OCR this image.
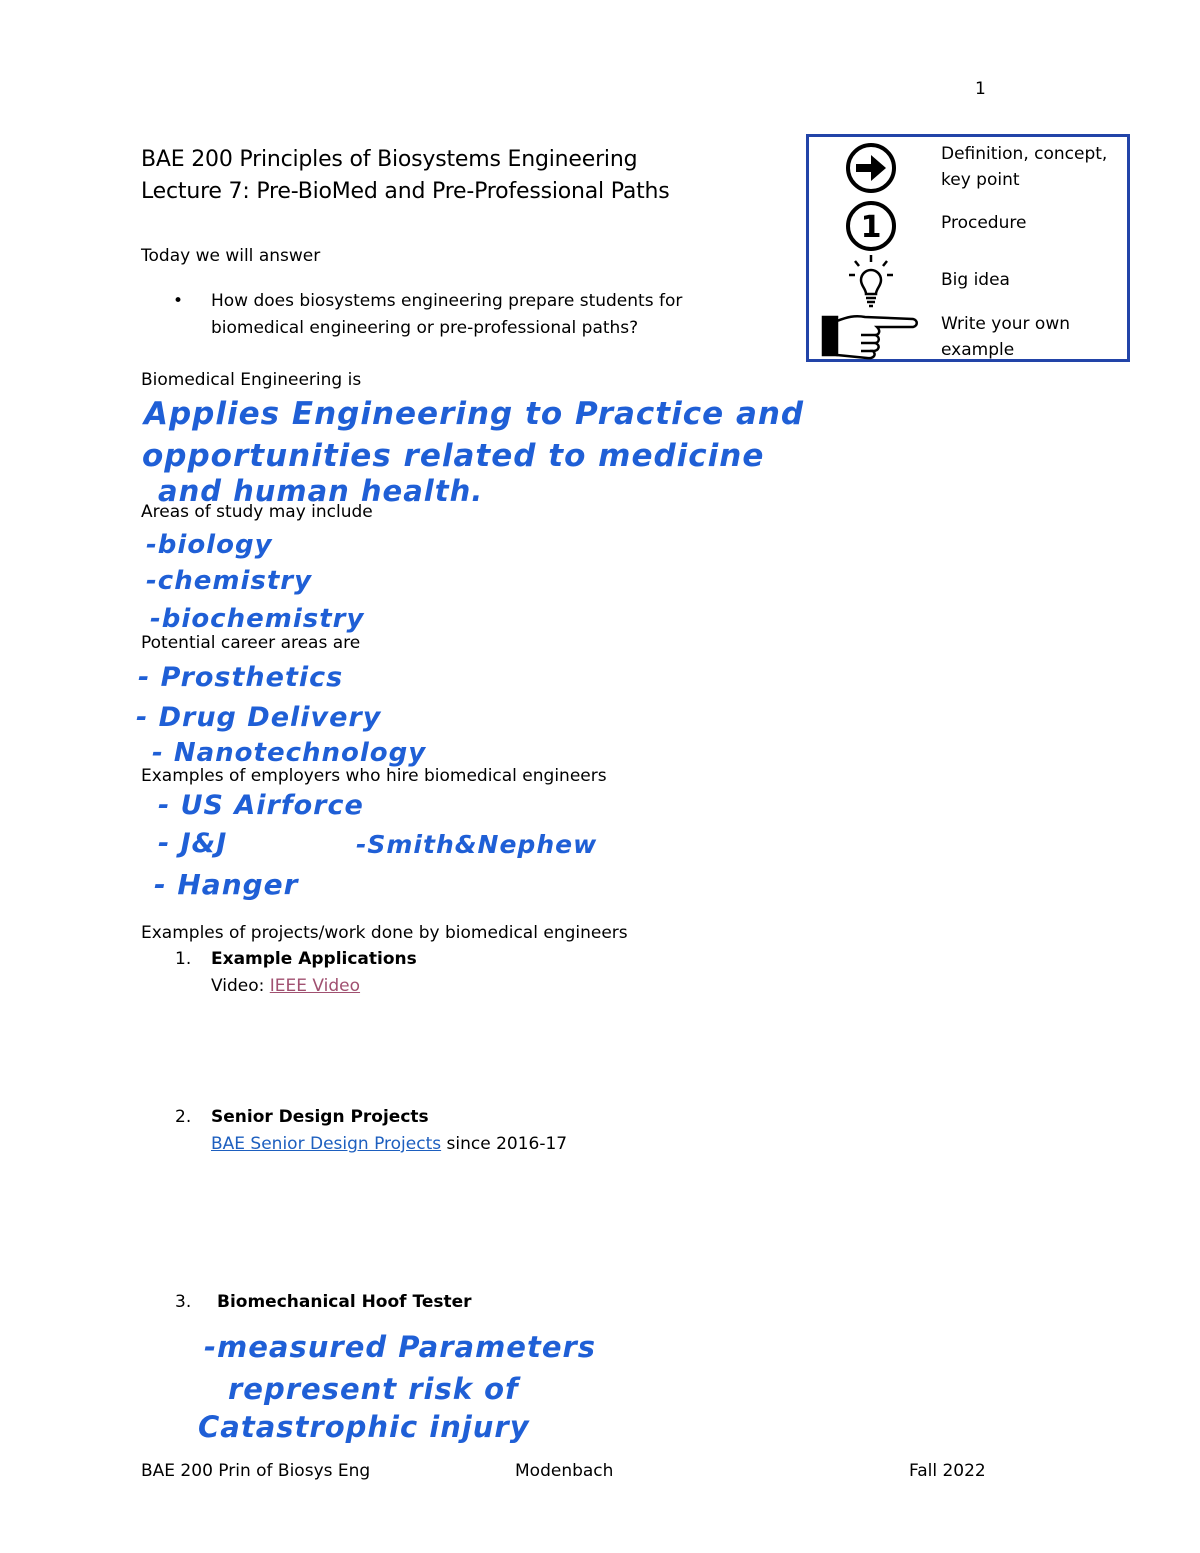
1
BAE 200 Principles of Biosystems Engineering
Lecture 7: Pre-BioMed and Pre-Professional Paths
Definition, concept,
key point
1	Procedure
Big idea
Write your own
example
Today we will answer
• How does biosystems engineering prepare students for
biomedical engineering or pre-professional paths?
Biomedical Engineering is
Applies Engineering to Practice and
opportunities related to medicine
and human health.
Areas of study may include
-biology
-chemistry
-biochemistry
Potential career areas are
- Prosthetics
- Drug Delivery
- Nanotechnology
Examples of employers who hire biomedical engineers
- US Airforce
- J&J
- Hanger
-Smith&Nephew
Examples of projects/work done by biomedical engineers
1. Example Applications
Video: IEEE Video
2. Senior Design Projects
BAE Senior Design Projects since 2016-17
3. Biomechanical Hoof Tester
-measured Parameters
represent risk of
Catastrophic injury
BAE 200 Prin of Biosys Eng	Modenbach	Fall 2022
